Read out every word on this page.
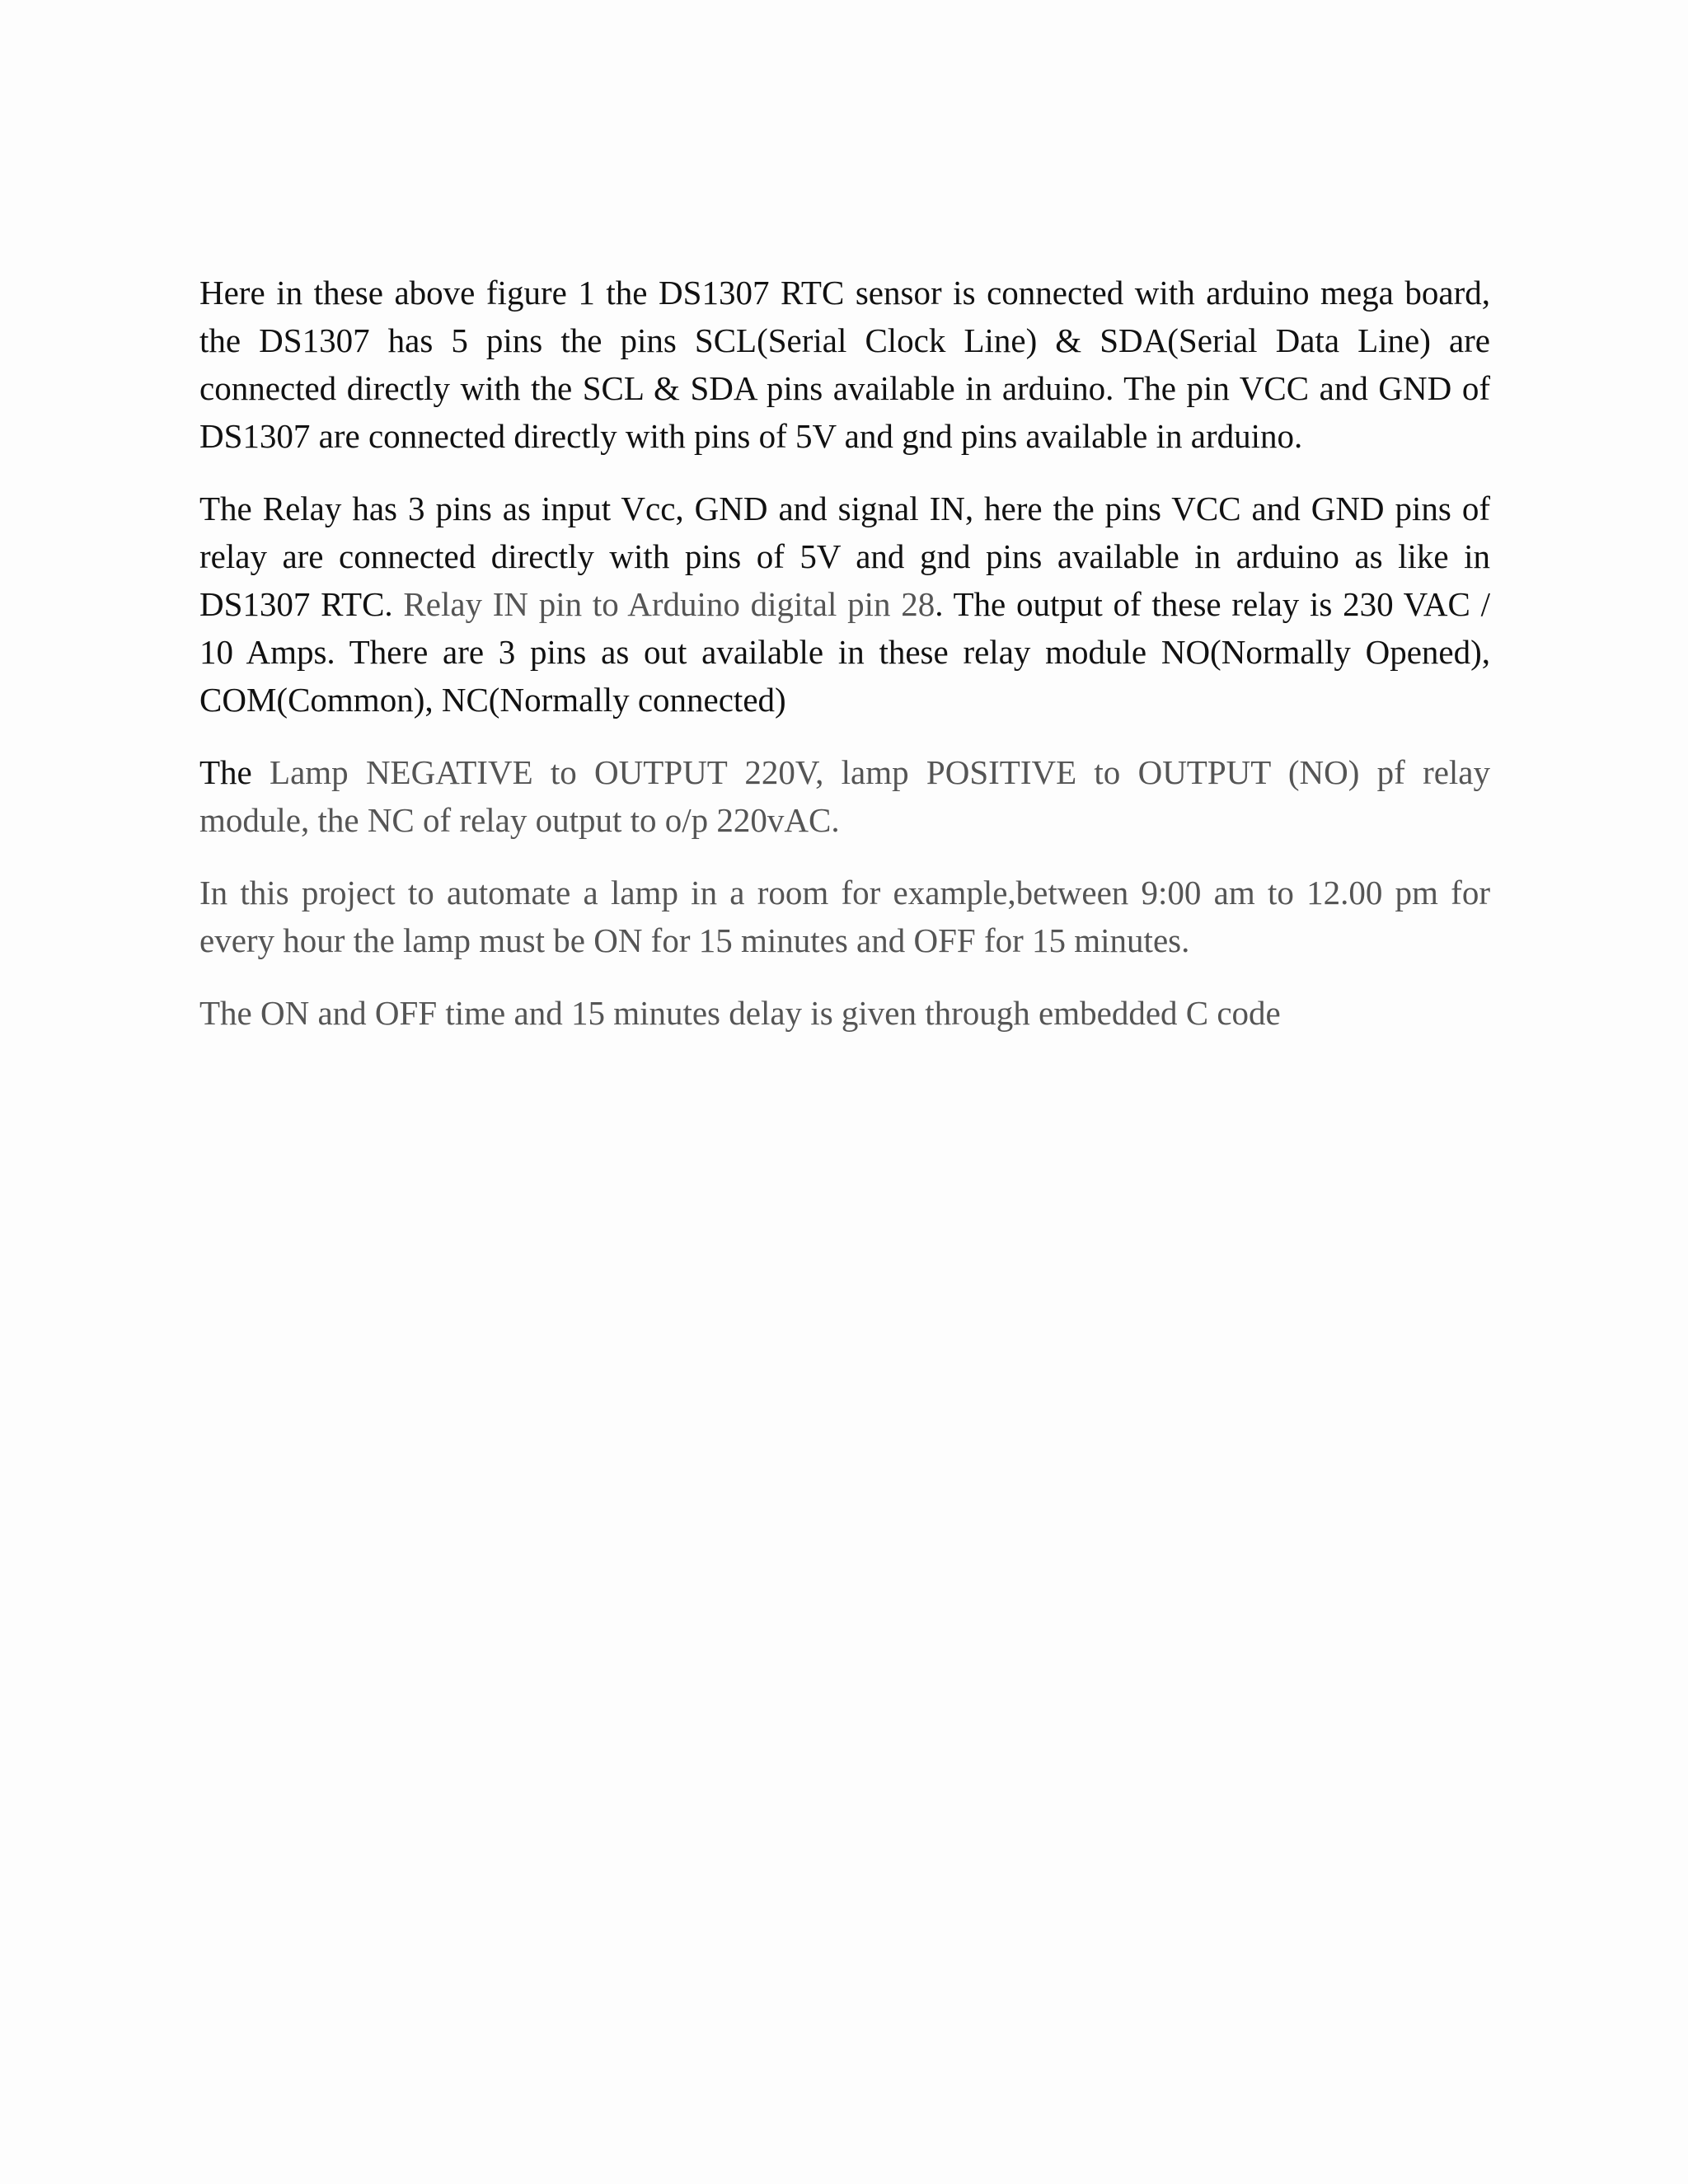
Here in these above figure 1 the DS1307 RTC sensor is connected with arduino mega board, the DS1307 has 5 pins the pins SCL(Serial Clock Line) & SDA(Serial Data Line) are connected directly with the SCL & SDA pins available in arduino. The pin VCC and GND of DS1307 are connected directly with pins of 5V and gnd pins available in arduino.

The Relay has 3 pins as input Vcc, GND and signal IN, here the pins VCC and GND pins of relay are connected directly with pins of 5V and gnd pins available in arduino as like in DS1307 RTC. Relay IN pin to Arduino digital pin 28. The output of these relay is 230 VAC / 10 Amps. There are 3 pins as out available in these relay module NO(Normally Opened), COM(Common), NC(Normally connected)

The Lamp NEGATIVE to OUTPUT 220V, lamp POSITIVE to OUTPUT (NO) pf relay module, the NC of relay output to o/p 220vAC.

In this project to automate a lamp in a room for example,between 9:00 am to 12.00 pm for every hour the lamp must be ON for 15 minutes and OFF for 15 minutes.

The ON and OFF time and 15 minutes delay is given through embedded C code
